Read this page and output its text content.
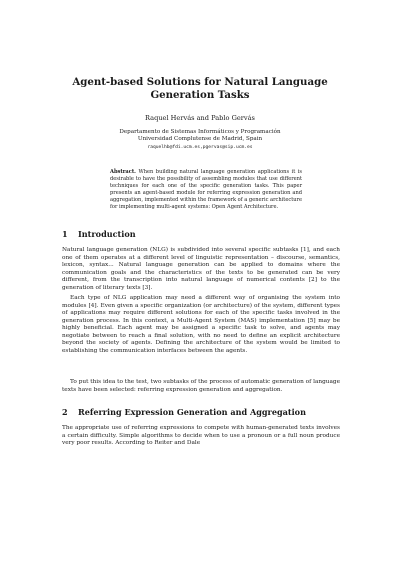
Agent-based Solutions for Natural Language Generation Tasks
Raquel Hervás and Pablo Gervás
Departamento de Sistemas Informáticos y Programación
Universidad Complutense de Madrid, Spain
raquelhb@fdi.ucm.es,pgervas@sip.ucm.es
Abstract. When building natural language generation applications it is desirable to have the possibility of assembling modules that use different techniques for each one of the specific generation tasks. This paper presents an agent-based module for referring expression generation and aggregation, implemented within the framework of a generic architecture for implementing multi-agent systems: Open Agent Architecture.
1 Introduction
Natural language generation (NLG) is subdivided into several specific subtasks [1], and each one of them operates at a different level of linguistic representation – discourse, semantics, lexicon, syntax... Natural language generation can be applied to domains where the communication goals and the characteristics of the texts to be generated can be very different, from the transcription into natural language of numerical contents [2] to the generation of literary texts [3].
Each type of NLG application may need a different way of organising the system into modules [4]. Even given a specific organization (or architecture) of the system, different types of applications may require different solutions for each of the specific tasks involved in the generation process. In this context, a Multi-Agent System (MAS) implementation [5] may be highly beneficial. Each agent may be assigned a specific task to solve, and agents may negotiate between to reach a final solution, with no need to define an explicit architecture beyond the society of agents. Defining the architecture of the system would be limited to establishing the communication interfaces between the agents.
To put this idea to the test, two subtasks of the process of automatic generation of language texts have been selected: referring expression generation and aggregation.
2 Referring Expression Generation and Aggregation
The appropriate use of referring expressions to compete with human-generated texts involves a certain difficulty. Simple algorithms to decide when to use a pronoun or a full noun produce very poor results. According to Reiter and Dale
